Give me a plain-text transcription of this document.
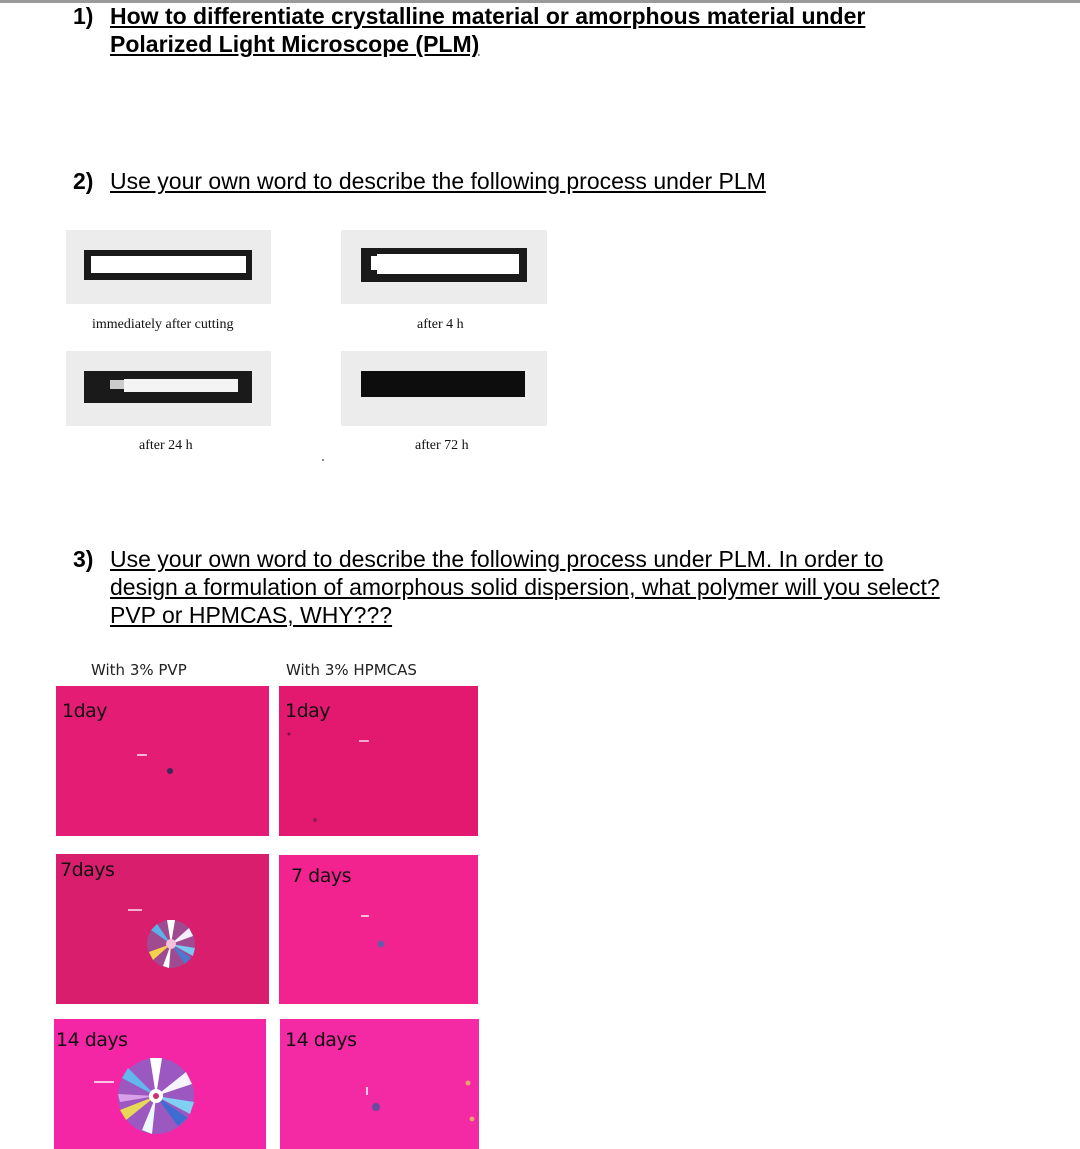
1) How to differentiate crystalline material or amorphous material under
Polarized Light Microscope (PLM)
2) Use your own word to describe the following process under PLM
immediately after cutting	after 4 h
after 24 h	after 72 h
3) Use your own word to describe the following process under PLM. In order to
design a formulation of amorphous solid dispersion, what polymer will you select?
PVP or HPMCAS, WHY???
With 3% PVP	With 3% HPMCAS
1day	1day
7days	7 days
14 days	14 days
